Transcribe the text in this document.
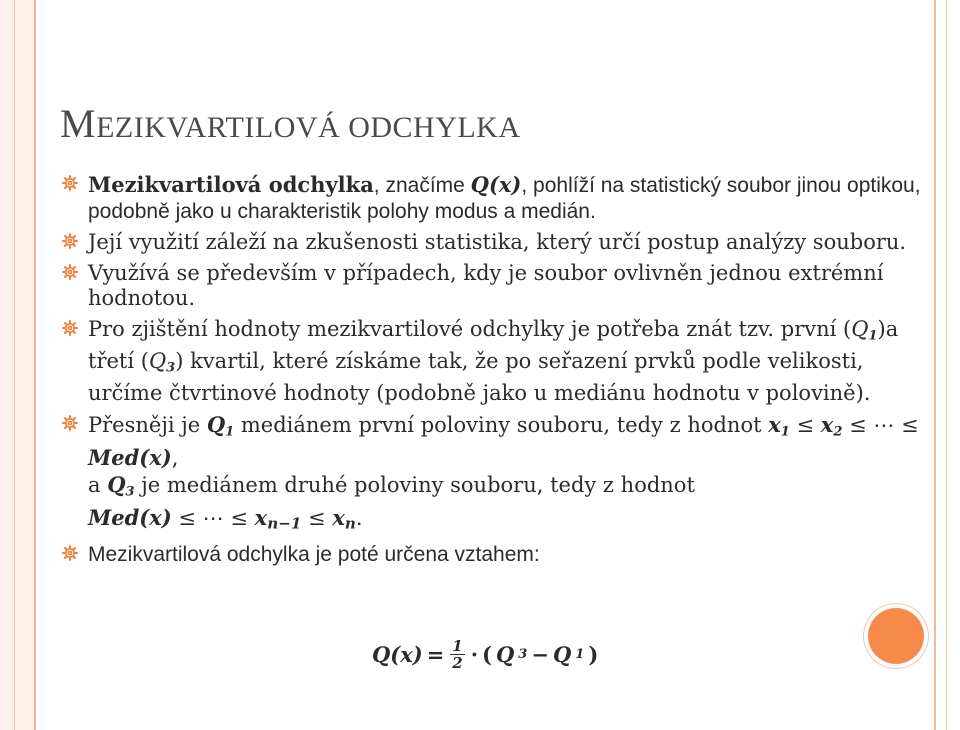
MEZIKVARTILOVÁ ODCHYLKA
Mezikvartilová odchylka, značíme Q(x), pohlíží na statistický soubor jinou optikou, podobně jako u charakteristik polohy modus a medián.
Její využití záleží na zkušenosti statistika, který určí postup analýzy souboru.
Využívá se především v případech, kdy je soubor ovlivněn jednou extrémní hodnotou.
Pro zjištění hodnoty mezikvartilové odchylky je potřeba znát tzv. první $(Q_1)a$ třetí $(Q_3)$ kvartil, které získáme tak, že po seřazení prvků podle velikosti, určíme čtvrtinové hodnoty (podobně jako u mediánu hodnotu v polovině).
Přesněji je $Q_1$ mediánem první poloviny souboru, tedy z hodnot $x_1 \le x_2$ ≤ ⋯ ≤ Med(x),
a $Q_3$ je mediánem druhé poloviny souboru, tedy z hodnot
Med(x) ≤ ⋯ ≤ $x_{n-1} \le x_n$.
Mezikvartilová odchylka je poté určena vztahem:
$Q(x) = \frac{1}{2}$ · ( Q 3 − Q 1 )
